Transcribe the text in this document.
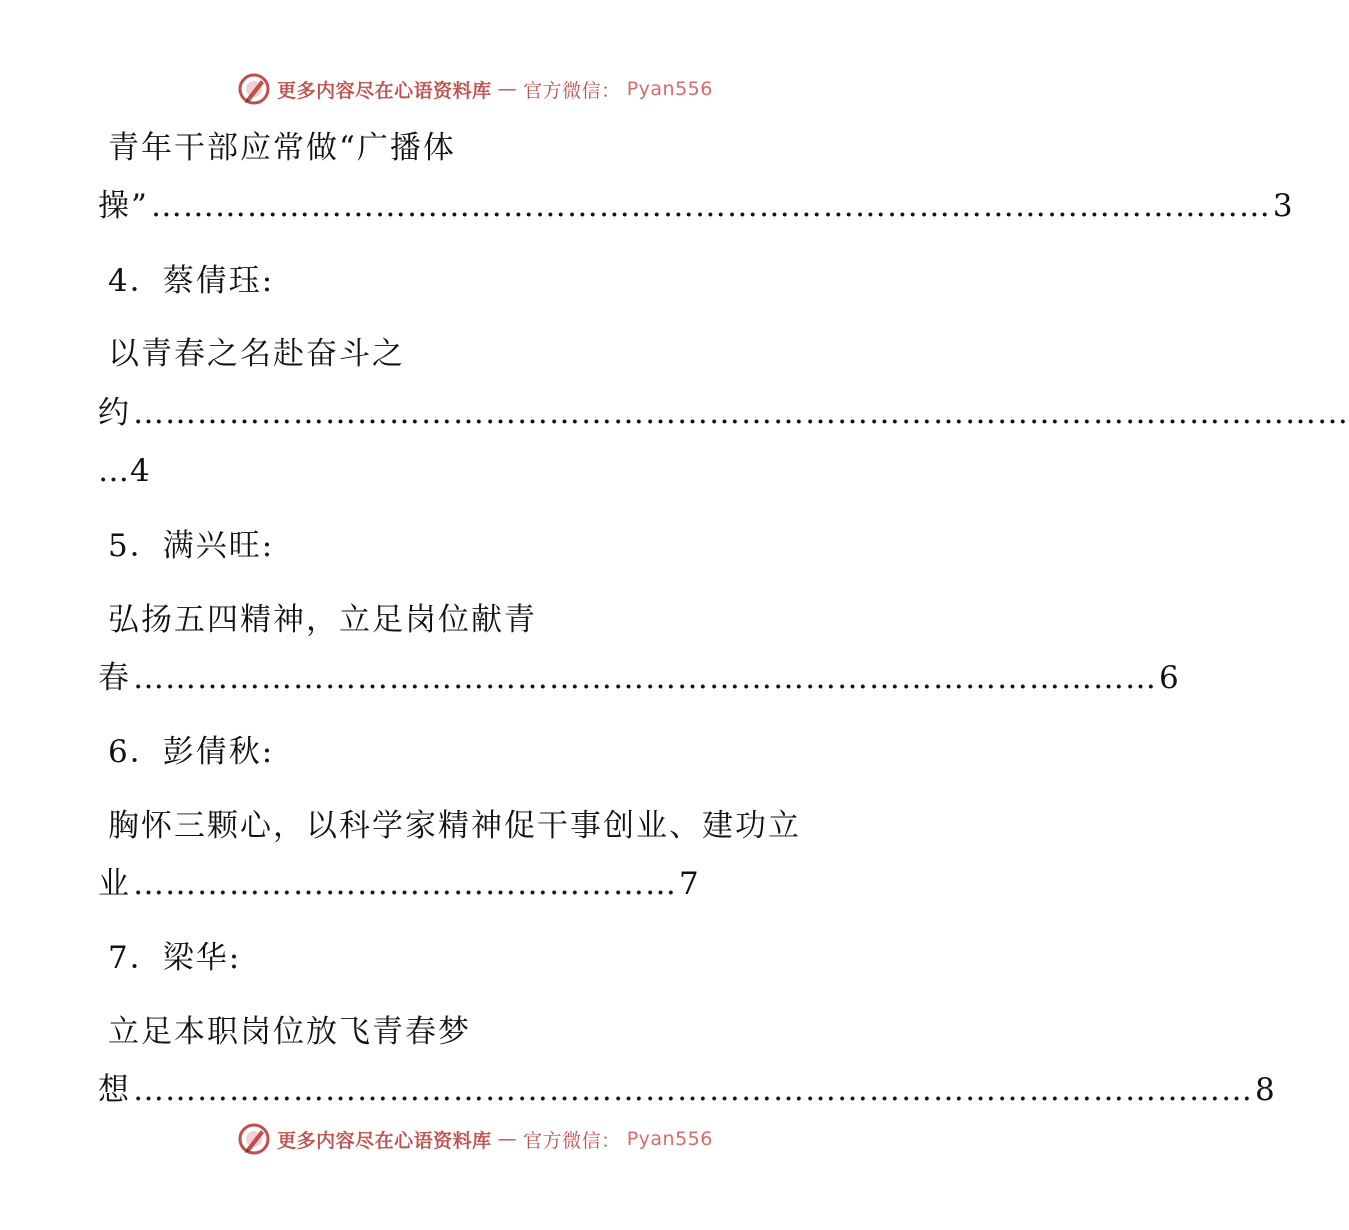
更多内容尽在心语资料库 — 官方微信： Pyan556
青年干部应常做“广播体
操” …………………………………………………………………………………………… 3
4．蔡倩珏:
以青春之名赴奋斗之
约 ……………………………………………………………………………………………………
…4
5．满兴旺:
弘扬五四精神，立足岗位献青
春 …………………………………………………………………………………… 6
6．彭倩秋:
胸怀三颗心，以科学家精神促干事创业、建功立
业 …………………………………………… 7
7．梁华:
立足本职岗位放飞青春梦
想 …………………………………………………………………………………………… 8
更多内容尽在心语资料库 — 官方微信： Pyan556
